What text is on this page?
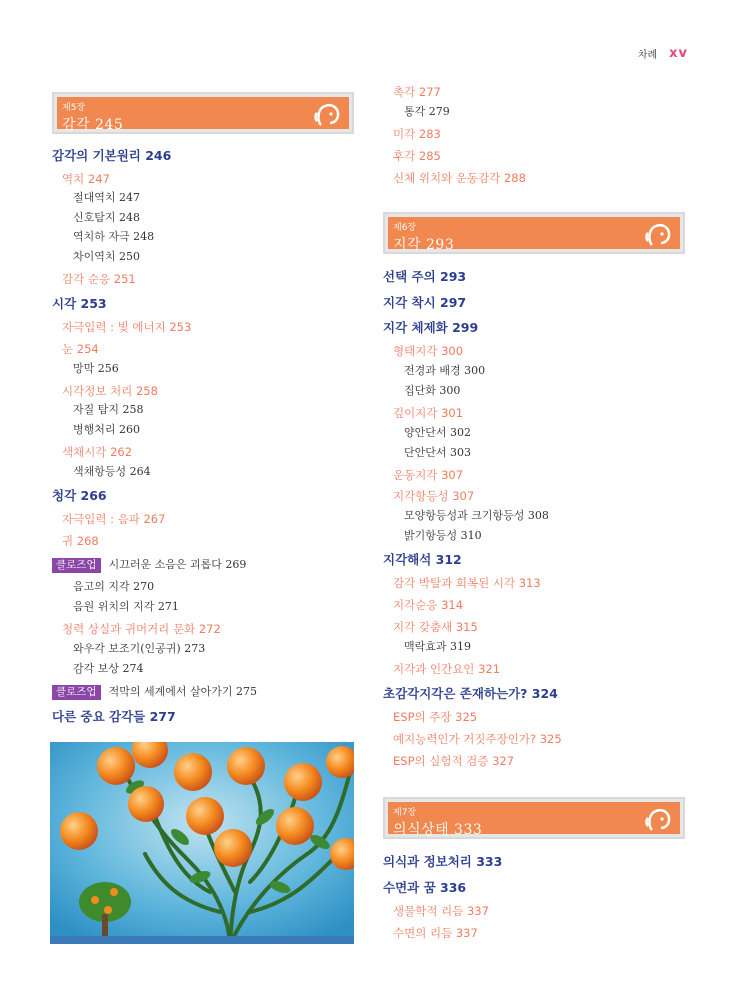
차례 xv
제5장
감각 245
감각의 기본원리 246
역치 247
절대역치 247
신호탐지 248
역치하 자극 248
차이역치 250
감각 순응 251
시각 253
자극입력 : 빛 에너지 253
눈 254
망막 256
시각정보 처리 258
자질 탐지 258
병행처리 260
색채시각 262
색채항등성 264
청각 266
자극입력 : 음파 267
귀 268
클로즈업 시끄러운 소음은 괴롭다 269
음고의 지각 270
음원 위치의 지각 271
청력 상실과 귀머거리 문화 272
와우각 보조기(인공귀) 273
감각 보상 274
클로즈업 적막의 세계에서 살아가기 275
다른 중요 감각들 277
촉각 277
통각 279
미각 283
후각 285
신체 위치와 운동감각 288
제6장
지각 293
선택 주의 293
지각 착시 297
지각 체제화 299
형태지각 300
전경과 배경 300
집단화 300
깊이지각 301
양안단서 302
단안단서 303
운동지각 307
지각항등성 307
모양항등성과 크기항등성 308
밝기항등성 310
지각해석 312
감각 박탈과 회복된 시각 313
지각순응 314
지각 갖춤새 315
맥락효과 319
지각과 인간요인 321
초감각지각은 존재하는가? 324
ESP의 주장 325
예지능력인가 거짓주장인가? 325
ESP의 실험적 검증 327
제7장
의식상태 333
의식과 정보처리 333
수면과 꿈 336
생물학적 리듬 337
수면의 리듬 337
